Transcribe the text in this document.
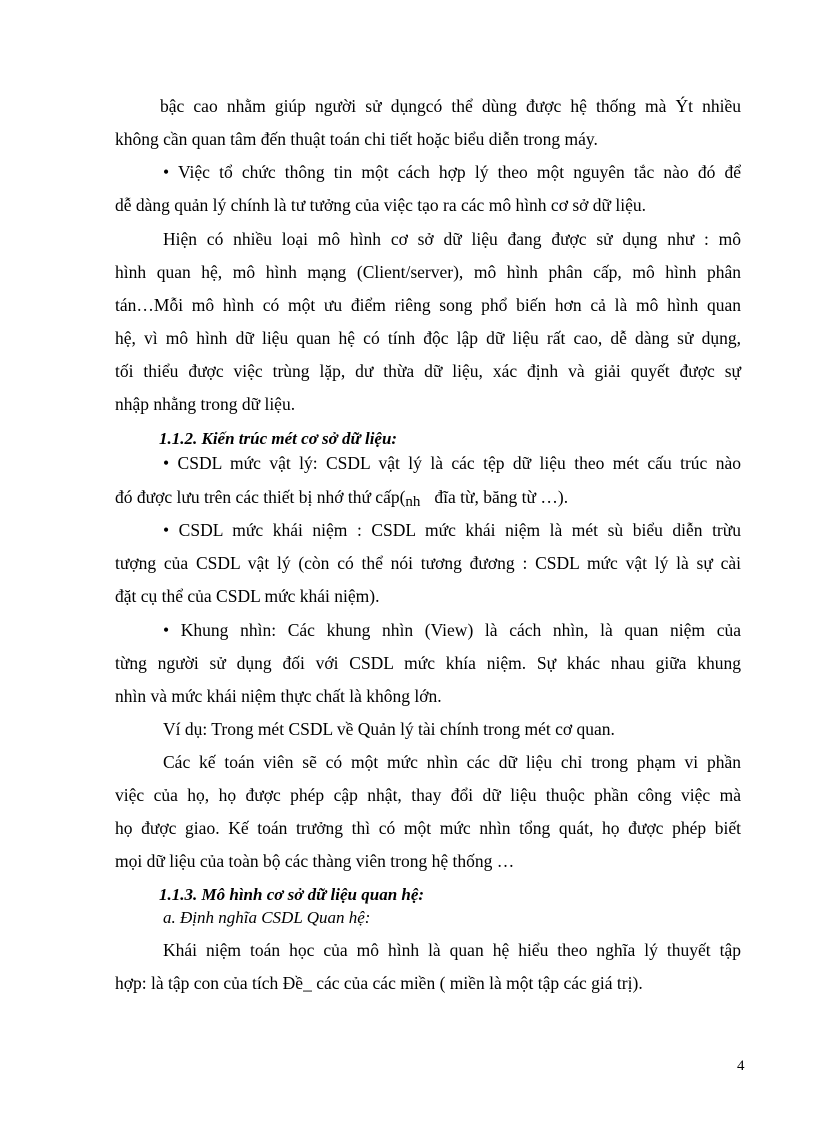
bậc cao nhằm giúp người sử dụngcó thể dùng được hệ thống mà Ýt nhiều
không cần quan tâm đến thuật toán chi tiết hoặc biểu diễn trong máy.
• Việc tổ chức thông tin một cách hợp lý theo một nguyên tắc nào đó để
dễ dàng quản lý chính là tư tưởng của việc tạo ra các mô hình cơ sở dữ liệu.
Hiện có nhiều loại mô hình cơ sở dữ liệu đang được sử dụng như : mô
hình quan hệ, mô hình mạng (Client/server), mô hình phân cấp, mô hình phân
tán…Mỗi mô hình có một ưu điểm riêng song phổ biến hơn cả là mô hình quan
hệ, vì mô hình dữ liệu quan hệ có tính độc lập dữ liệu rất cao, dễ dàng sử dụng,
tối thiểu được việc trùng lặp, dư thừa dữ liệu, xác định và giải quyết được sự
nhập nhằng trong dữ liệu.
1.1.2. Kiến trúc mét cơ sở dữ liệu:
• CSDL mức vật lý: CSDL vật lý là các tệp dữ liệu theo mét cấu trúc nào
đó được lưu trên các thiết bị nhớ thứ cấp(nh đĩa từ, băng từ …).
• CSDL mức khái niệm : CSDL mức khái niệm là mét sù biểu diễn trừu
tượng của CSDL vật lý (còn có thể nói tương đương : CSDL mức vật lý là sự cài
đặt cụ thể của CSDL mức khái niệm).
• Khung nhìn: Các khung nhìn (View) là cách nhìn, là quan niệm của
từng người sử dụng đối với CSDL mức khía niệm. Sự khác nhau giữa khung
nhìn và mức khái niệm thực chất là không lớn.
Ví dụ: Trong mét CSDL về Quản lý tài chính trong mét cơ quan.
Các kế toán viên sẽ có một mức nhìn các dữ liệu chỉ trong phạm vi phần
việc của họ, họ được phép cập nhật, thay đổi dữ liệu thuộc phần công việc mà
họ được giao. Kế toán trưởng thì có một mức nhìn tổng quát, họ được phép biết
mọi dữ liệu của toàn bộ các thàng viên trong hệ thống …
1.1.3. Mô hình cơ sở dữ liệu quan hệ:
a. Định nghĩa CSDL Quan hệ:
Khái niệm toán học của mô hình là quan hệ hiểu theo nghĩa lý thuyết tập
hợp: là tập con của tích Đề_ các của các miền ( miền là một tập các giá trị).
4
